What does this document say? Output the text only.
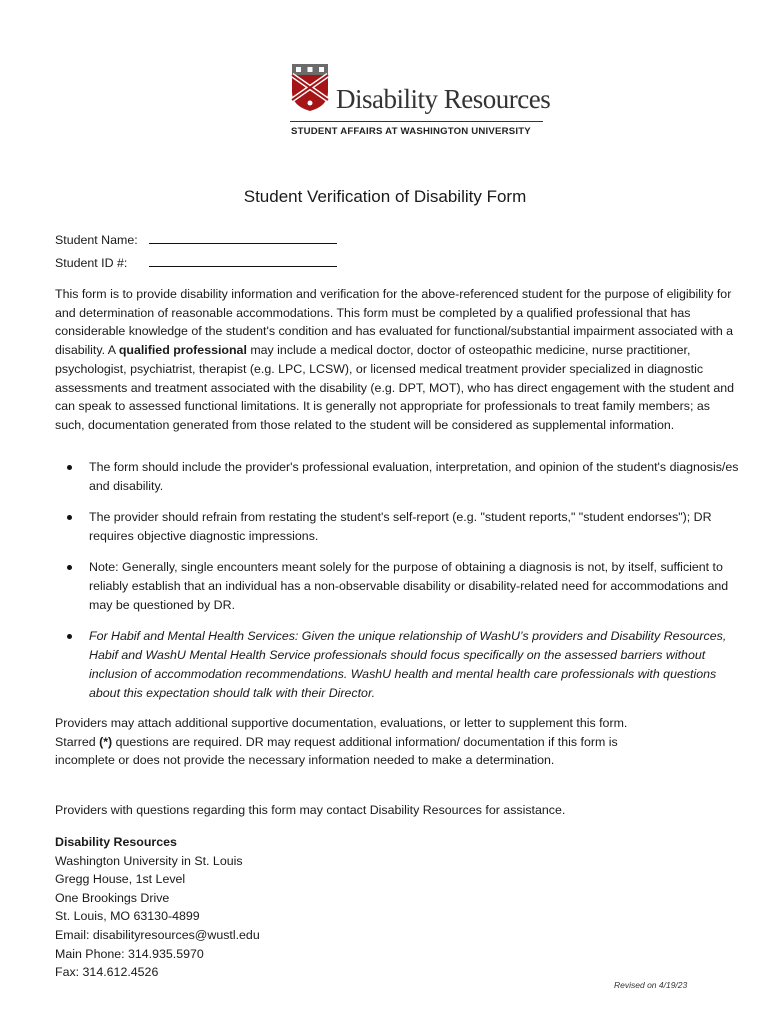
Disability Resources
STUDENT AFFAIRS AT WASHINGTON UNIVERSITY
Student Verification of Disability Form
Student Name:
Student ID #:
This form is to provide disability information and verification for the above-referenced student for the purpose of eligibility for and determination of reasonable accommodations. This form must be completed by a qualified professional that has considerable knowledge of the student's condition and has evaluated for functional/substantial impairment associated with a disability. A qualified professional may include a medical doctor, doctor of osteopathic medicine, nurse practitioner, psychologist, psychiatrist, therapist (e.g. LPC, LCSW), or licensed medical treatment provider specialized in diagnostic assessments and treatment associated with the disability (e.g. DPT, MOT), who has direct engagement with the student and can speak to assessed functional limitations. It is generally not appropriate for professionals to treat family members; as such, documentation generated from those related to the student will be considered as supplemental information.
The form should include the provider's professional evaluation, interpretation, and opinion of the student's diagnosis/es and disability.
The provider should refrain from restating the student's self-report (e.g. "student reports," "student endorses"); DR requires objective diagnostic impressions.
Note: Generally, single encounters meant solely for the purpose of obtaining a diagnosis is not, by itself, sufficient to reliably establish that an individual has a non-observable disability or disability-related need for accommodations and may be questioned by DR.
For Habif and Mental Health Services: Given the unique relationship of WashU’s providers and Disability Resources, Habif and WashU Mental Health Service professionals should focus specifically on the assessed barriers without inclusion of accommodation recommendations. WashU health and mental health care professionals with questions about this expectation should talk with their Director.
Providers may attach additional supportive documentation, evaluations, or letter to supplement this form. Starred (*) questions are required. DR may request additional information/ documentation if this form is incomplete or does not provide the necessary information needed to make a determination.
Providers with questions regarding this form may contact Disability Resources for assistance.
Disability Resources
Washington University in St. Louis
Gregg House, 1st Level
One Brookings Drive
St. Louis, MO 63130-4899
Email: disabilityresources@wustl.edu
Main Phone: 314.935.5970
Fax: 314.612.4526
Revised on 4/19/23
